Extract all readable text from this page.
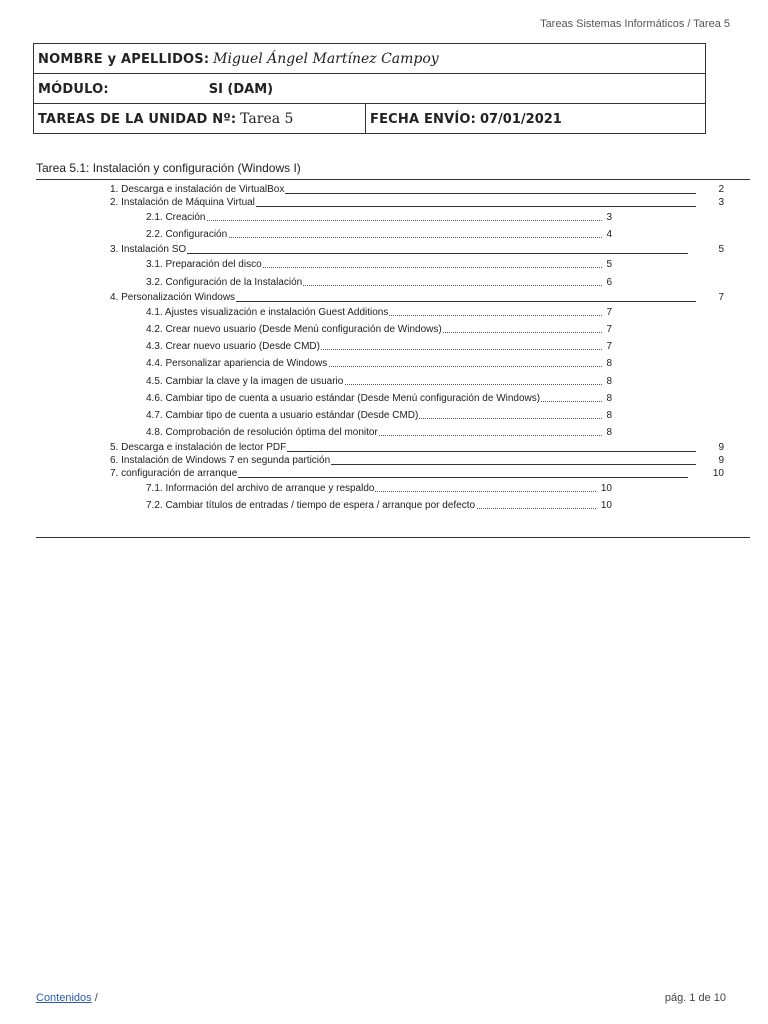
Tareas Sistemas Informáticos / Tarea 5
NOMBRE y APELLIDOS: Miguel Ángel Martínez Campoy
MÓDULO:	SI (DAM)
TAREAS DE LA UNIDAD Nº: Tarea 5	FECHA ENVÍO: 07/01/2021
Tarea 5.1: Instalación y configuración (Windows I)
1. Descarga e instalación de VirtualBox	2
2. Instalación de Máquina Virtual	3
2.1. Creación	3
2.2. Configuración	4
3. Instalación SO	5
3.1. Preparación del disco	5
3.2. Configuración de la Instalación	6
4. Personalización Windows	7
4.1. Ajustes visualización e instalación Guest Additions	7
4.2. Crear nuevo usuario (Desde Menú configuración de Windows)	7
4.3. Crear nuevo usuario (Desde CMD)	7
4.4. Personalizar apariencia de Windows	8
4.5. Cambiar la clave y la imagen de usuario	8
4.6. Cambiar tipo de cuenta a usuario estándar (Desde Menú configuración de Windows)	8
4.7. Cambiar tipo de cuenta a usuario estándar (Desde CMD)	8
4.8. Comprobación de resolución óptima del monitor	8
5. Descarga e instalación de lector PDF	9
6. Instalación de Windows 7 en segunda partición	9
7. configuración de arranque	10
7.1. Información del archivo de arranque y respaldo	10
7.2. Cambiar títulos de entradas / tiempo de espera / arranque por defecto	10
Contenidos /	pág. 1 de 10
